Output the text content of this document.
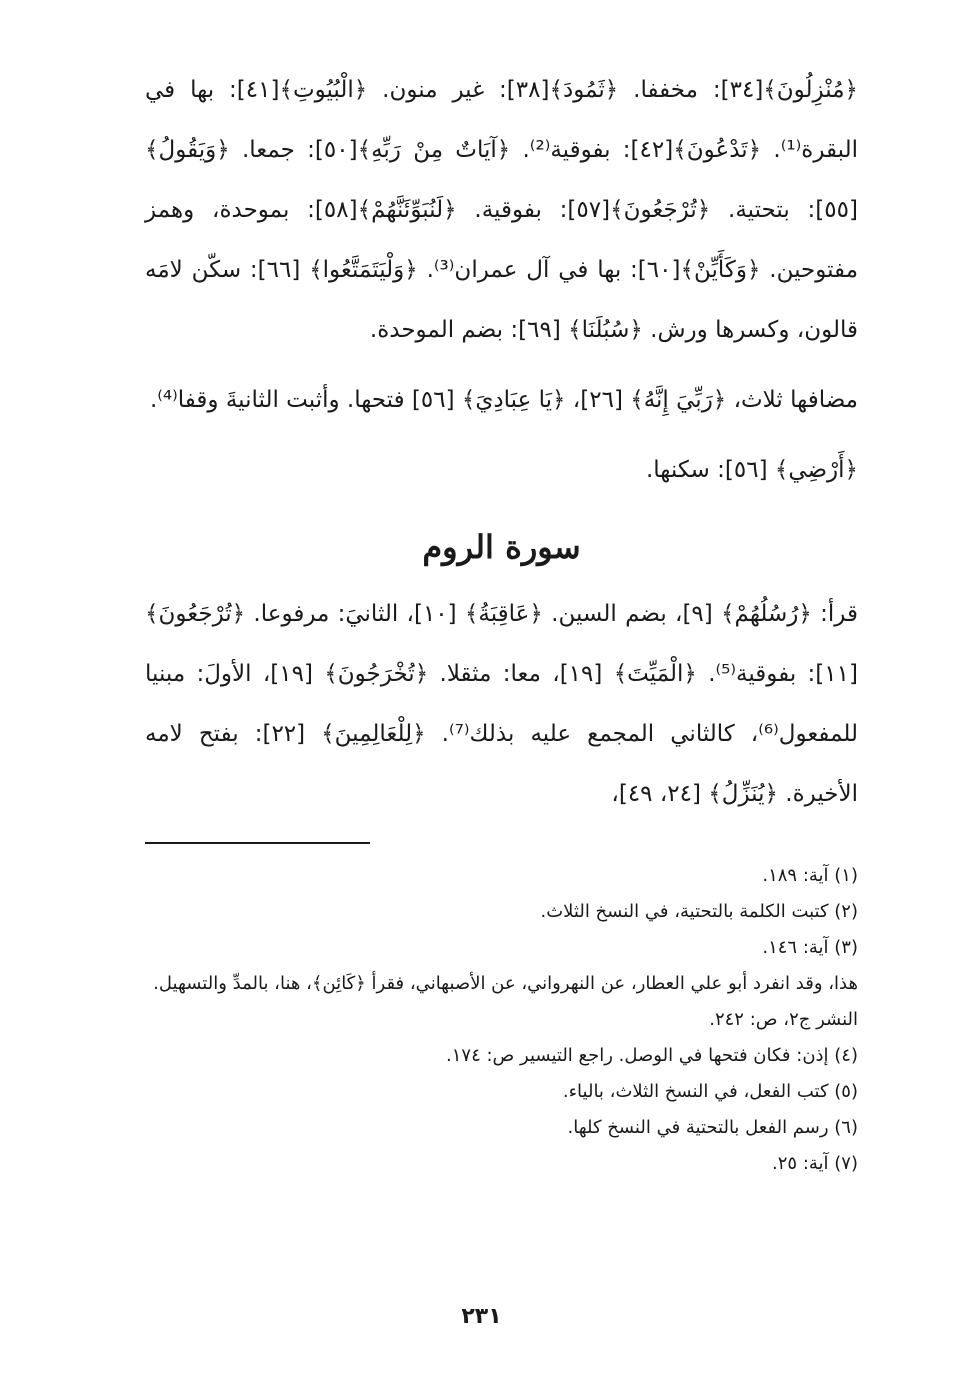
﴿مُنْزِلُونَ﴾[٣٤]: مخففا. ﴿ثَمُودَ﴾[٣٨]: غير منون. ﴿الْبُيُوتِ﴾[٤١]: بها في البقرة⁽¹⁾. ﴿تَدْعُونَ﴾[٤٢]: بفوقية⁽²⁾. ﴿آيَاتٌ مِنْ رَبِّهِ﴾[٥٠]: جمعا. ﴿وَيَقُولُ﴾[٥٥]: بتحتية. ﴿تُرْجَعُونَ﴾[٥٧]: بفوقية. ﴿لَنُبَوِّئَنَّهُمْ﴾[٥٨]: بموحدة، وهمز مفتوحين. ﴿وَكَأَيِّنْ﴾[٦٠]: بها في آل عمران⁽³⁾. ﴿وَلْيَتَمَتَّعُوا﴾ [٦٦]: سكّن لامَه قالون، وكسرها ورش. ﴿سُبُلَنَا﴾ [٦٩]: بضم الموحدة.

مضافها ثلاث، ﴿رَبِّيَ إِنَّهُ﴾ [٢٦]، ﴿يَا عِبَادِيَ﴾ [٥٦] فتحها. وأثبت الثانيةَ وقفا⁽⁴⁾.

﴿أَرْضِي﴾ [٥٦]: سكنها.

سورة الروم

قرأ: ﴿رُسُلُهُمْ﴾ [٩]، بضم السين. ﴿عَاقِبَةُ﴾ [١٠]، الثانيَ: مرفوعا. ﴿تُرْجَعُونَ﴾ [١١]: بفوقية⁽⁵⁾. ﴿الْمَيِّتَ﴾ [١٩]، معا: مثقلا. ﴿تُخْرَجُونَ﴾ [١٩]، الأولَ: مبنيا للمفعول⁽⁶⁾، كالثاني المجمع عليه بذلك⁽⁷⁾. ﴿لِلْعَالِمِينَ﴾ [٢٢]: بفتح لامه الأخيرة. ﴿يُنَزِّلُ﴾ [٢٤، ٤٩]،

(١) آية: ١٨٩.

(٢) كتبت الكلمة بالتحتية، في النسخ الثلاث.

(٣) آية: ١٤٦.

هذا، وقد انفرد أبو علي العطار، عن النهرواني، عن الأصبهاني، فقرأ ﴿كَائِن﴾، هنا، بالمدِّ والتسهيل. النشر ج٢، ص: ٢٤٢.

(٤) إذن: فكان فتحها في الوصل. راجع التيسير ص: ١٧٤.

(٥) كتب الفعل، في النسخ الثلاث، بالياء.

(٦) رسم الفعل بالتحتية في النسخ كلها.

(٧) آية: ٢٥.

٢٣١
